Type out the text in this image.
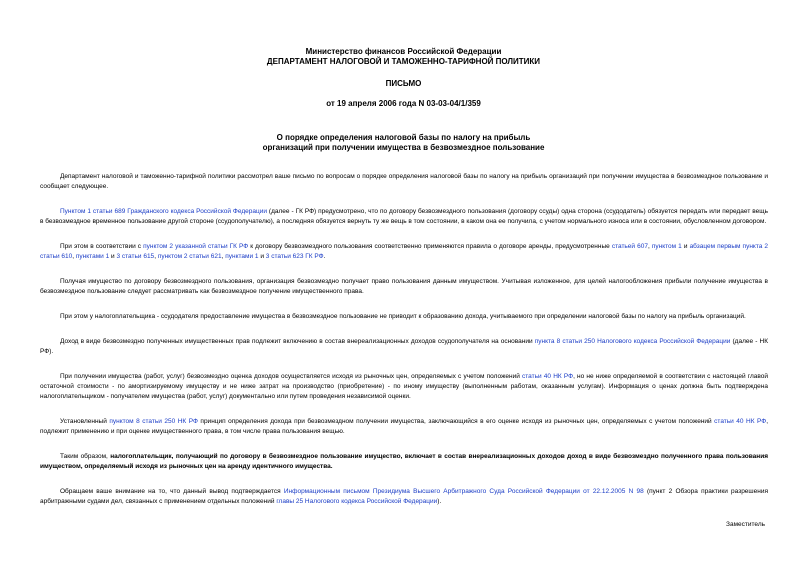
Министерство финансов Российской Федерации
ДЕПАРТАМЕНТ НАЛОГОВОЙ И ТАМОЖЕННО-ТАРИФНОЙ ПОЛИТИКИ
ПИСЬМО
от 19 апреля 2006 года N 03-03-04/1/359
О порядке определения налоговой базы по налогу на прибыль
организаций при получении имущества в безвозмездное пользование

Департамент налоговой и таможенно-тарифной политики рассмотрел ваше письмо по вопросам о порядке определения налоговой базы по налогу на прибыль организаций при получении имущества в безвозмездное пользование и сообщает следующее.

Пунктом 1 статьи 689 Гражданского кодекса Российской Федерации (далее - ГК РФ) предусмотрено, что по договору безвозмездного пользования (договору ссуды) одна сторона (ссудодатель) обязуется передать или передает вещь в безвозмездное временное пользование другой стороне (ссудополучателю), а последняя обязуется вернуть ту же вещь в том состоянии, в каком она ее получила, с учетом нормального износа или в состоянии, обусловленном договором.

При этом в соответствии с пунктом 2 указанной статьи ГК РФ к договору безвозмездного пользования соответственно применяются правила о договоре аренды, предусмотренные статьей 607, пунктом 1 и абзацем первым пункта 2 статьи 610, пунктами 1 и 3 статьи 615, пунктом 2 статьи 621, пунктами 1 и 3 статьи 623 ГК РФ.

Получая имущество по договору безвозмездного пользования, организация безвозмездно получает право пользования данным имуществом. Учитывая изложенное, для целей налогообложения прибыли получение имущества в безвозмездное пользование следует рассматривать как безвозмездное получение имущественного права.

При этом у налогоплательщика - ссудодателя предоставление имущества в безвозмездное пользование не приводит к образованию дохода, учитываемого при определении налоговой базы по налогу на прибыль организаций.

Доход в виде безвозмездно полученных имущественных прав подлежит включению в состав внереализационных доходов ссудополучателя на основании пункта 8 статьи 250 Налогового кодекса Российской Федерации (далее - НК РФ).

При получении имущества (работ, услуг) безвозмездно оценка доходов осуществляется исходя из рыночных цен, определяемых с учетом положений статьи 40 НК РФ, но не ниже определяемой в соответствии с настоящей главой остаточной стоимости - по амортизируемому имуществу и не ниже затрат на производство (приобретение) - по иному имуществу (выполненным работам, оказанным услугам). Информация о ценах должна быть подтверждена налогоплательщиком - получателем имущества (работ, услуг) документально или путем проведения независимой оценки.

Установленный пунктом 8 статьи 250 НК РФ принцип определения дохода при безвозмездном получении имущества, заключающийся в его оценке исходя из рыночных цен, определяемых с учетом положений статьи 40 НК РФ, подлежит применению и при оценке имущественного права, в том числе права пользования вещью.

Таким образом, налогоплательщик, получающий по договору в безвозмездное пользование имущество, включает в состав внереализационных доходов доход в виде безвозмездно полученного права пользования имуществом, определяемый исходя из рыночных цен на аренду идентичного имущества.

Обращаем ваше внимание на то, что данный вывод подтверждается Информационным письмом Президиума Высшего Арбитражного Суда Российской Федерации от 22.12.2005 N 98 (пункт 2 Обзора практики разрешения арбитражными судами дел, связанных с применением отдельных положений главы 25 Налогового кодекса Российской Федерации).

Заместитель
